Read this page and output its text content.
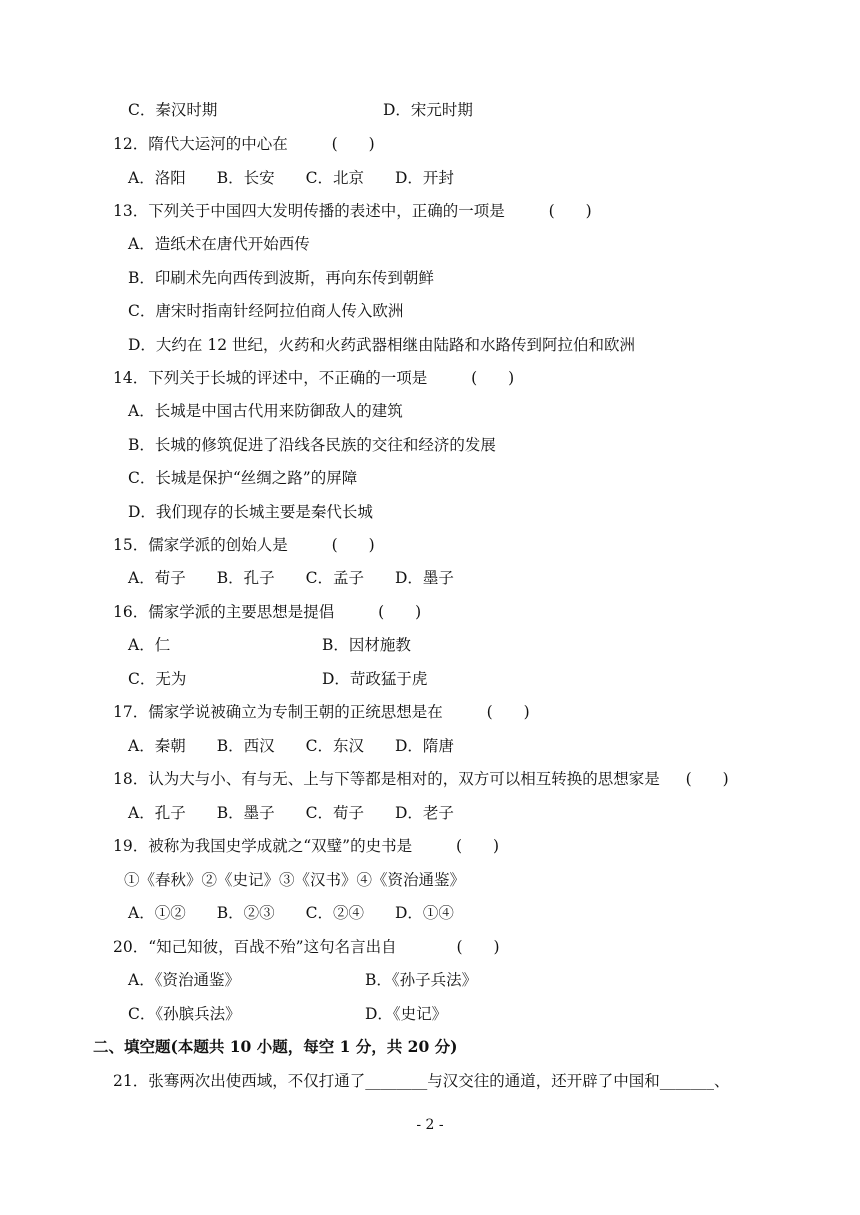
C．秦汉时期	D．宋元时期
12．隋代大运河的中心在	(　　)
A．洛阳　　B．长安　　C．北京　　D．开封
13．下列关于中国四大发明传播的表述中，正确的一项是	(　　)
A．造纸术在唐代开始西传
B．印刷术先向西传到波斯，再向东传到朝鲜
C．唐宋时指南针经阿拉伯商人传入欧洲
D．大约在 12 世纪，火药和火药武器相继由陆路和水路传到阿拉伯和欧洲
14．下列关于长城的评述中，不正确的一项是	(　　)
A．长城是中国古代用来防御敌人的建筑
B．长城的修筑促进了沿线各民族的交往和经济的发展
C．长城是保护“丝绸之路”的屏障
D．我们现存的长城主要是秦代长城
15．儒家学派的创始人是	(　　)
A．荀子　　B．孔子　　C．孟子　　D．墨子
16．儒家学派的主要思想是提倡	(　　)
A．仁	B．因材施教
C．无为	D．苛政猛于虎
17．儒家学说被确立为专制王朝的正统思想是在	(　　)
A．秦朝　　B．西汉　　C．东汉　　D．隋唐
18．认为大与小、有与无、上与下等都是相对的，双方可以相互转换的思想家是 (　　)
A．孔子　　B．墨子　　C．荀子　　D．老子
19．被称为我国史学成就之“双璧”的史书是	(　　)
①《春秋》②《史记》③《汉书》④《资治通鉴》
A．①②　　B．②③　　C．②④　　D．①④
20．“知己知彼，百战不殆”这句名言出自	(　　)
A．《资治通鉴》	B．《孙子兵法》
C．《孙膑兵法》	D．《史记》
二、填空题(本题共 10 小题，每空 1 分，共 20 分)
21．张骞两次出使西域，不仅打通了________与汉交往的通道，还开辟了中国和_______、
- 2 -
